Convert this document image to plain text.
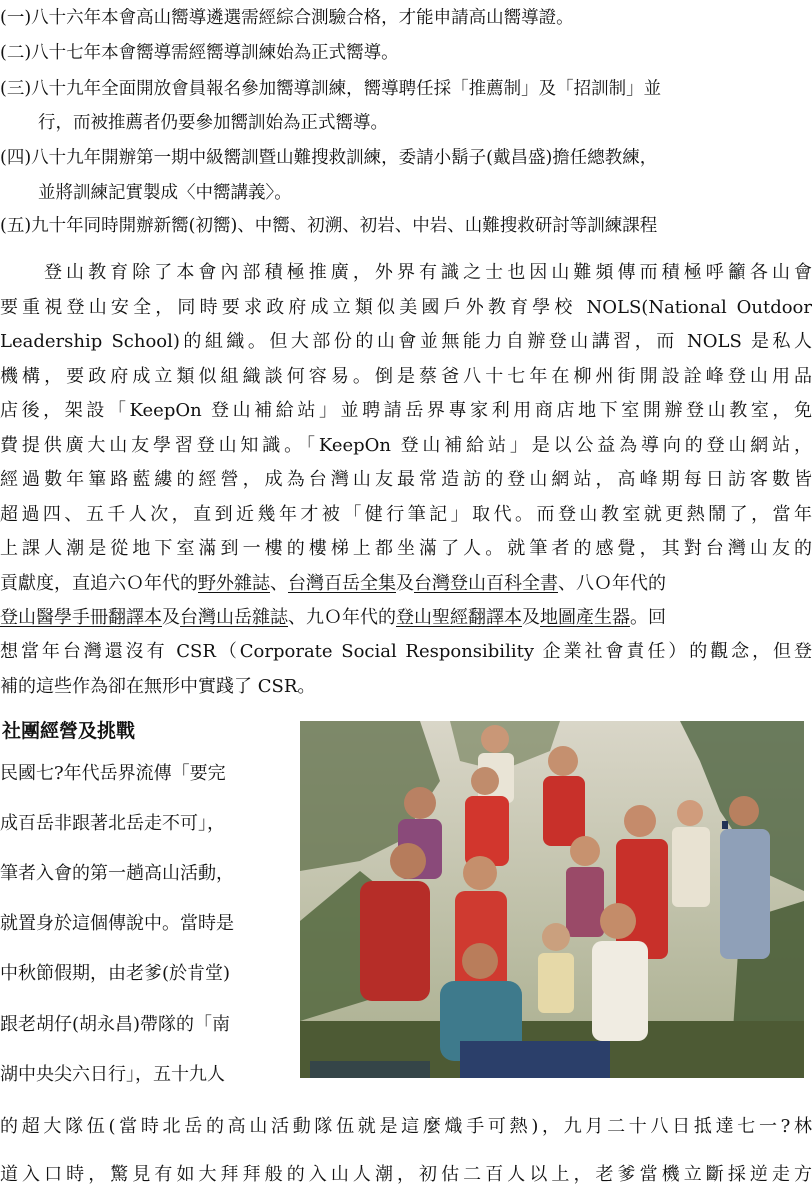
(一)八十六年本會高山嚮導遴選需經綜合測驗合格，才能申請高山嚮導證。
(二)八十七年本會嚮導需經嚮導訓練始為正式嚮導。
(三)八十九年全面開放會員報名參加嚮導訓練，嚮導聘任採「推薦制」及「招訓制」並
行，而被推薦者仍要參加嚮訓始為正式嚮導。
(四)八十九年開辦第一期中級嚮訓暨山難搜救訓練，委請小鬍子(戴昌盛)擔任總教練，
並將訓練記實製成〈中嚮講義〉。
(五)九十年同時開辦新嚮(初嚮)、中嚮、初溯、初岩、中岩、山難搜救研討等訓練課程
登山教育除了本會內部積極推廣，外界有識之士也因山難頻傳而積極呼籲各山會
要重視登山安全，同時要求政府成立類似美國戶外教育學校 NOLS(National Outdoor
Leadership School)的組織。但大部份的山會並無能力自辦登山講習，而 NOLS 是私人
機構，要政府成立類似組織談何容易。倒是蔡爸八十七年在柳州街開設詮峰登山用品
店後，架設「KeepOn 登山補給站」並聘請岳界專家利用商店地下室開辦登山教室，免
費提供廣大山友學習登山知識。「KeepOn 登山補給站」是以公益為導向的登山網站，
經過數年篳路藍縷的經營，成為台灣山友最常造訪的登山網站，高峰期每日訪客數皆
超過四、五千人次，直到近幾年才被「健行筆記」取代。而登山教室就更熱鬧了，當年
上課人潮是從地下室滿到一樓的樓梯上都坐滿了人。就筆者的感覺，其對台灣山友的
貢獻度，直追六Ｏ年代的野外雜誌、台灣百岳全集及台灣登山百科全書、八Ｏ年代的
登山醫學手冊翻譯本及台灣山岳雜誌、九Ｏ年代的登山聖經翻譯本及地圖產生器。回
想當年台灣還沒有 CSR（Corporate Social Responsibility 企業社會責任）的觀念，但登
補的這些作為卻在無形中實踐了 CSR。
社團經營及挑戰
民國七?年代岳界流傳「要完
成百岳非跟著北岳走不可」，
筆者入會的第一趟高山活動，
就置身於這個傳說中。當時是
中秋節假期，由老爹(於肯堂)
跟老胡仔(胡永昌)帶隊的「南
湖中央尖六日行」，五十九人
的超大隊伍(當時北岳的高山活動隊伍就是這麼熾手可熱)，九月二十八日抵達七一?林
道入口時，驚見有如大拜拜般的入山人潮，初估二百人以上，老爹當機立斷採逆走方
